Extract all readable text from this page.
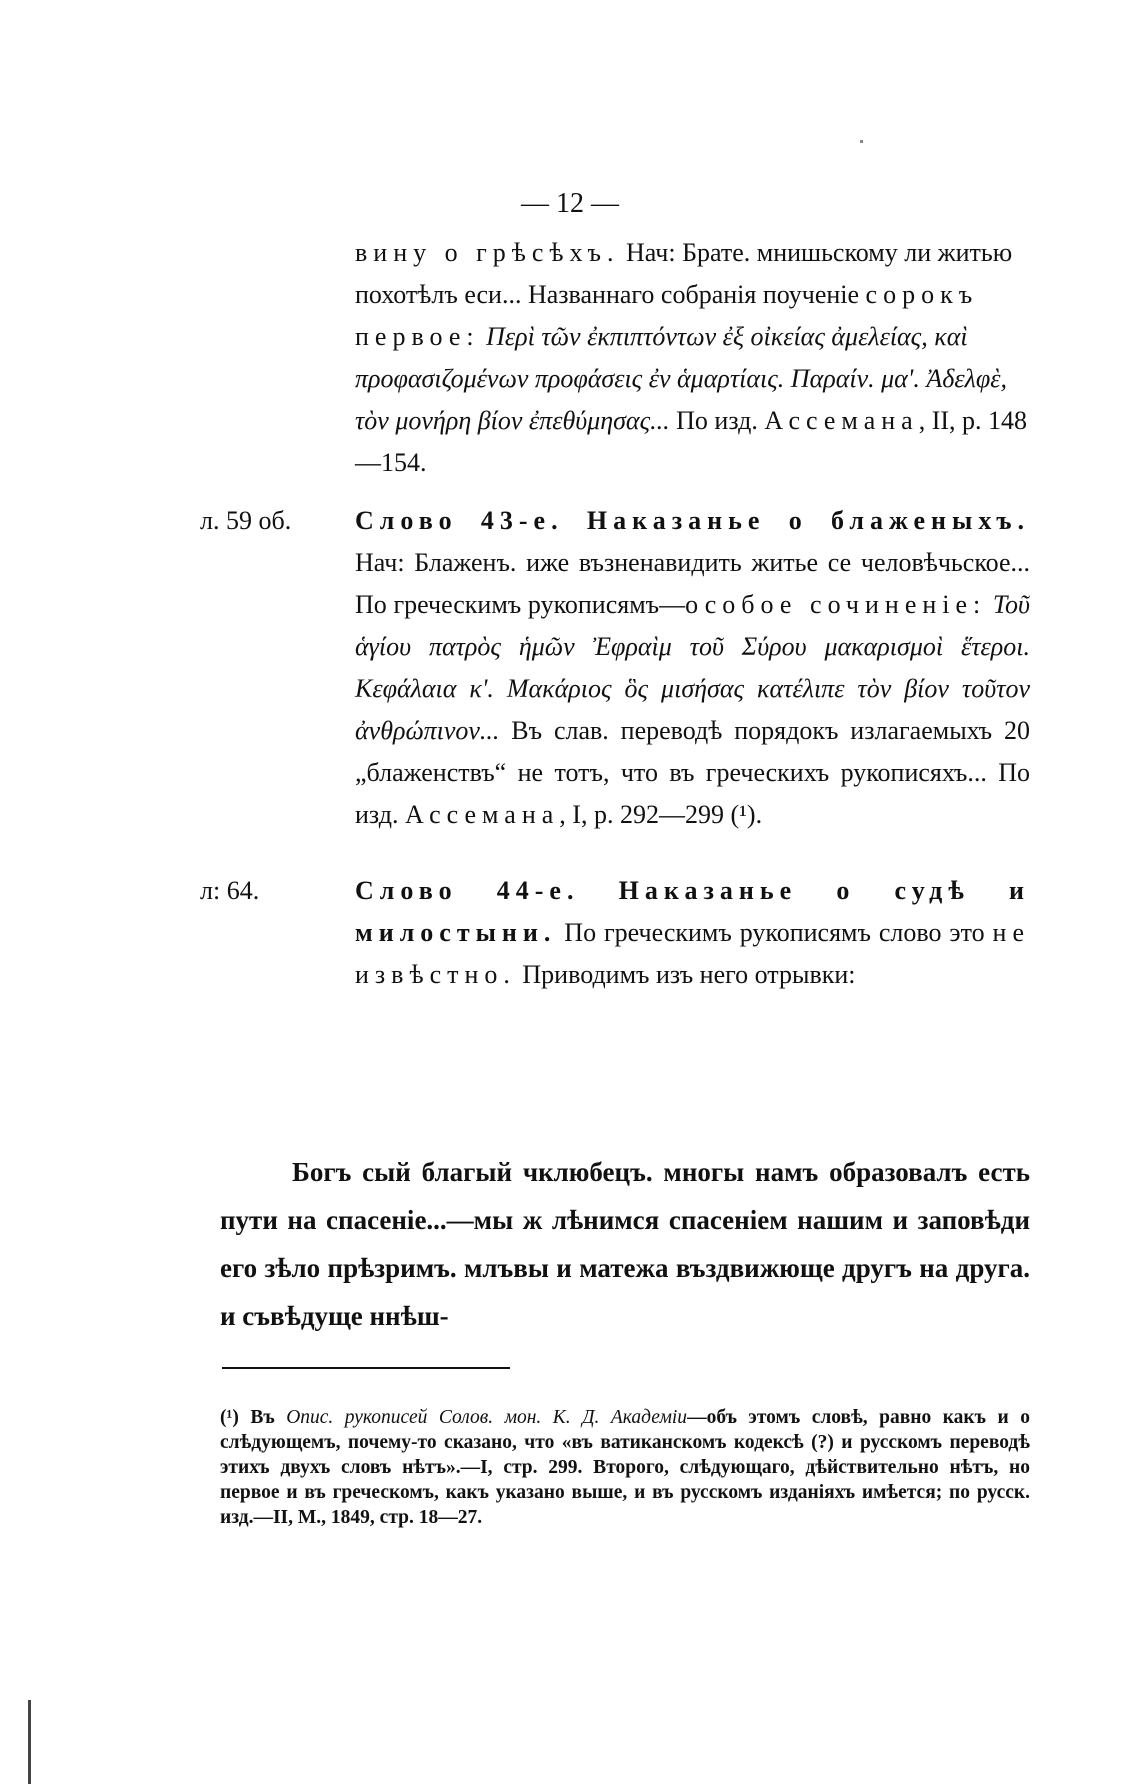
— 12 —
вину о грѣсѣхъ. Нач: Брате. мнишьскому ли житью похотѣлъ еси... Названнаго собранія поученіе сорокъ первое: Περὶ τῶν ἐκπιπτόντων ἐξ οἰκείας ἀμελείας, καὶ προφασιζομένων προφάσεις ἐν ἁμαρτίαις. Παραίν. μα'. Ἀδελφὲ, τὸν μονήρη βίον ἐπεθύμησας... По изд. Ассемана, II, p. 148—154.
л. 59 об.	Слово 43-е. Наказанье о блаженыхъ. Нач: Блаженъ. иже възненавидить житье се человѣчьское... По греческимъ рукописямъ—особое сочиненіе: Τοῦ ἁγίου πατρὸς ἡμῶν Ἐφραὶμ τοῦ Σύρου μακαρισμοὶ ἕτεροι. Κεφάλαια κ'. Μακάριος ὃς μισήσας κατέλιπε τὸν βίον τοῦτον ἀνθρώπινον... Въ слав. переводѣ порядокъ излагаемыхъ 20 „блаженствъ“ не тотъ, что въ греческихъ рукописяхъ... По изд. Ассемана, I, p. 292—299 (¹).
л: 64.	Слово 44-е. Наказанье о судѣ и милостыни. По греческимъ рукописямъ слово это не извѣстно. Приводимъ изъ него отрывки:
Богъ сый благый чклюбецъ. многы намъ образовалъ есть пути на спасеніе...—мы ж лѣнимся спасеніем нашим и заповѣди его зѣло прѣзримъ. млъвы и матежа въздвижюще другъ на друга. и съвѣдуще ннѣш-
(¹) Въ Опис. рукописей Солов. мон. К. Д. Академіи—объ этомъ словѣ, равно какъ и о слѣдующемъ, почему-то сказано, что «въ ватиканскомъ кодексѣ (?) и русскомъ переводѣ этихъ двухъ словъ нѣтъ».—I, стр. 299. Второго, слѣдующаго, дѣйствительно нѣтъ, но первое и въ греческомъ, какъ указано выше, и въ русскомъ изданіяхъ имѣется; по русск. изд.—II, М., 1849, стр. 18—27.
